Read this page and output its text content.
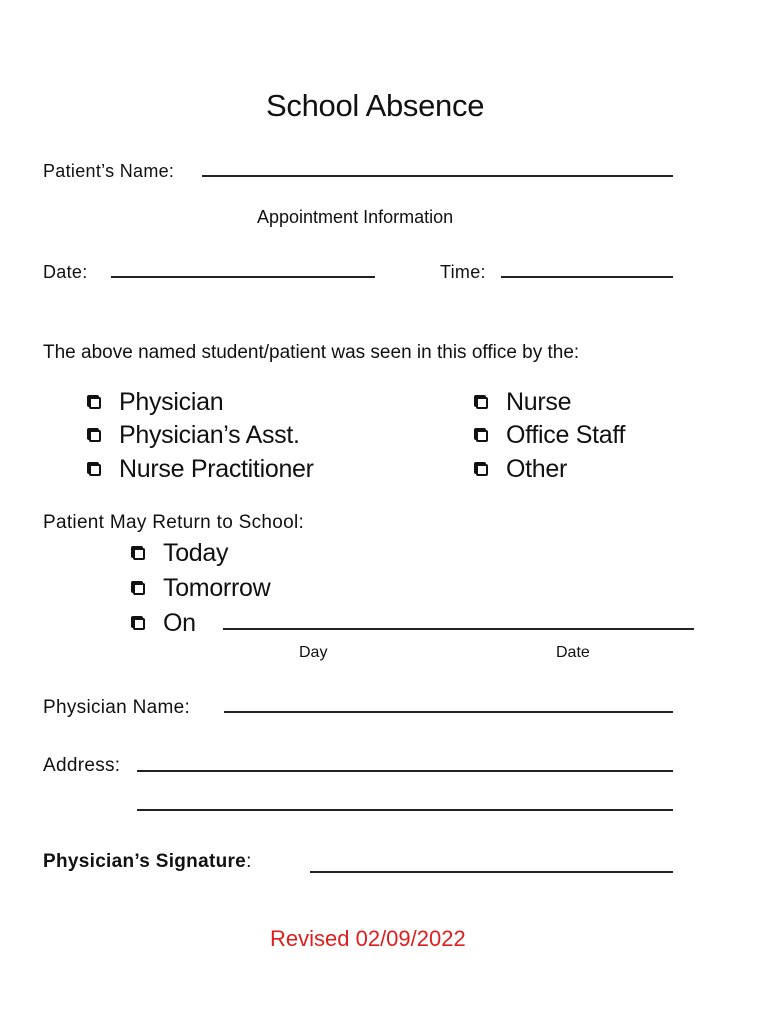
School Absence
Patient’s Name:
Appointment Information
Date:	Time:
The above named student/patient was seen in this office by the:
Physician
Physician’s Asst.
Nurse Practitioner
Nurse
Office Staff
Other
Patient May Return to School:
Today
Tomorrow
On
Day	Date
Physician Name:
Address:
Physician’s Signature:
Revised 02/09/2022
